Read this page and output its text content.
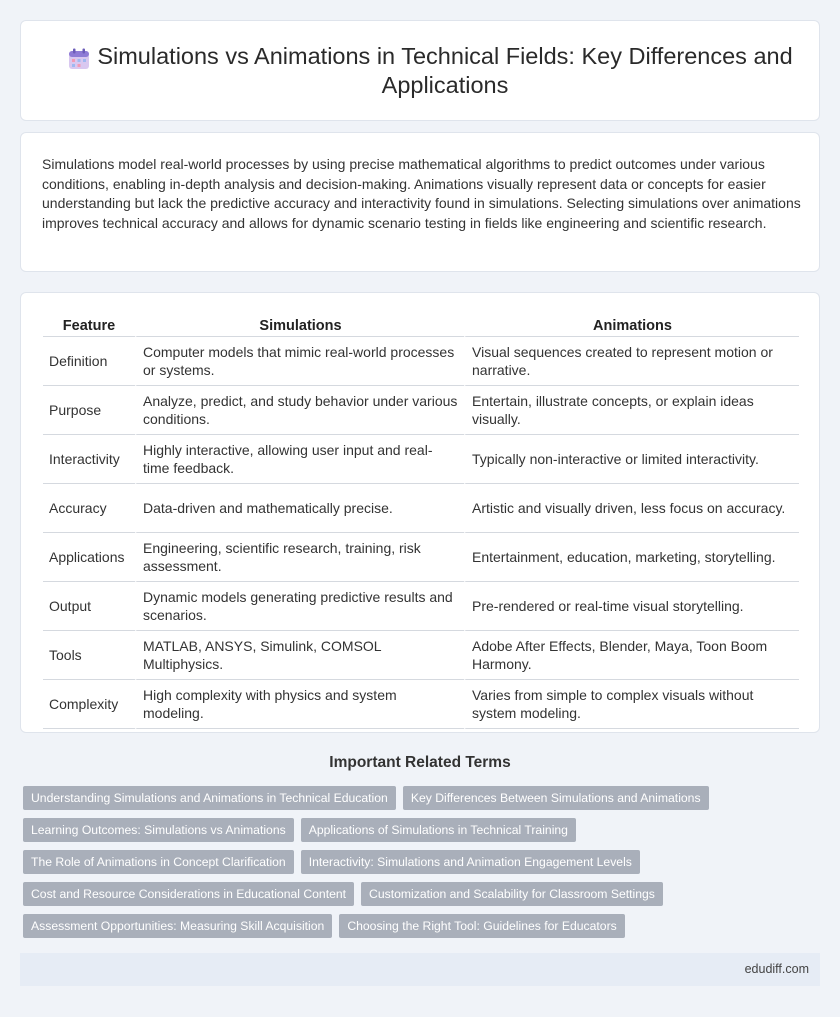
Simulations vs Animations in Technical Fields: Key Differences and Applications

Simulations model real-world processes by using precise mathematical algorithms to predict outcomes under various conditions, enabling in-depth analysis and decision-making. Animations visually represent data or concepts for easier understanding but lack the predictive accuracy and interactivity found in simulations. Selecting simulations over animations improves technical accuracy and allows for dynamic scenario testing in fields like engineering and scientific research.

Feature	Simulations	Animations
Definition	Computer models that mimic real-world processes or systems.	Visual sequences created to represent motion or narrative.
Purpose	Analyze, predict, and study behavior under various conditions.	Entertain, illustrate concepts, or explain ideas visually.
Interactivity	Highly interactive, allowing user input and real-time feedback.	Typically non-interactive or limited interactivity.
Accuracy	Data-driven and mathematically precise.	Artistic and visually driven, less focus on accuracy.
Applications	Engineering, scientific research, training, risk assessment.	Entertainment, education, marketing, storytelling.
Output	Dynamic models generating predictive results and scenarios.	Pre-rendered or real-time visual storytelling.
Tools	MATLAB, ANSYS, Simulink, COMSOL Multiphysics.	Adobe After Effects, Blender, Maya, Toon Boom Harmony.
Complexity	High complexity with physics and system modeling.	Varies from simple to complex visuals without system modeling.
Important Related Terms
Understanding Simulations and Animations in Technical Education	Key Differences Between Simulations and Animations
Learning Outcomes: Simulations vs Animations	Applications of Simulations in Technical Training
The Role of Animations in Concept Clarification	Interactivity: Simulations and Animation Engagement Levels
Cost and Resource Considerations in Educational Content	Customization and Scalability for Classroom Settings
Assessment Opportunities: Measuring Skill Acquisition	Choosing the Right Tool: Guidelines for Educators
edudiff.com
